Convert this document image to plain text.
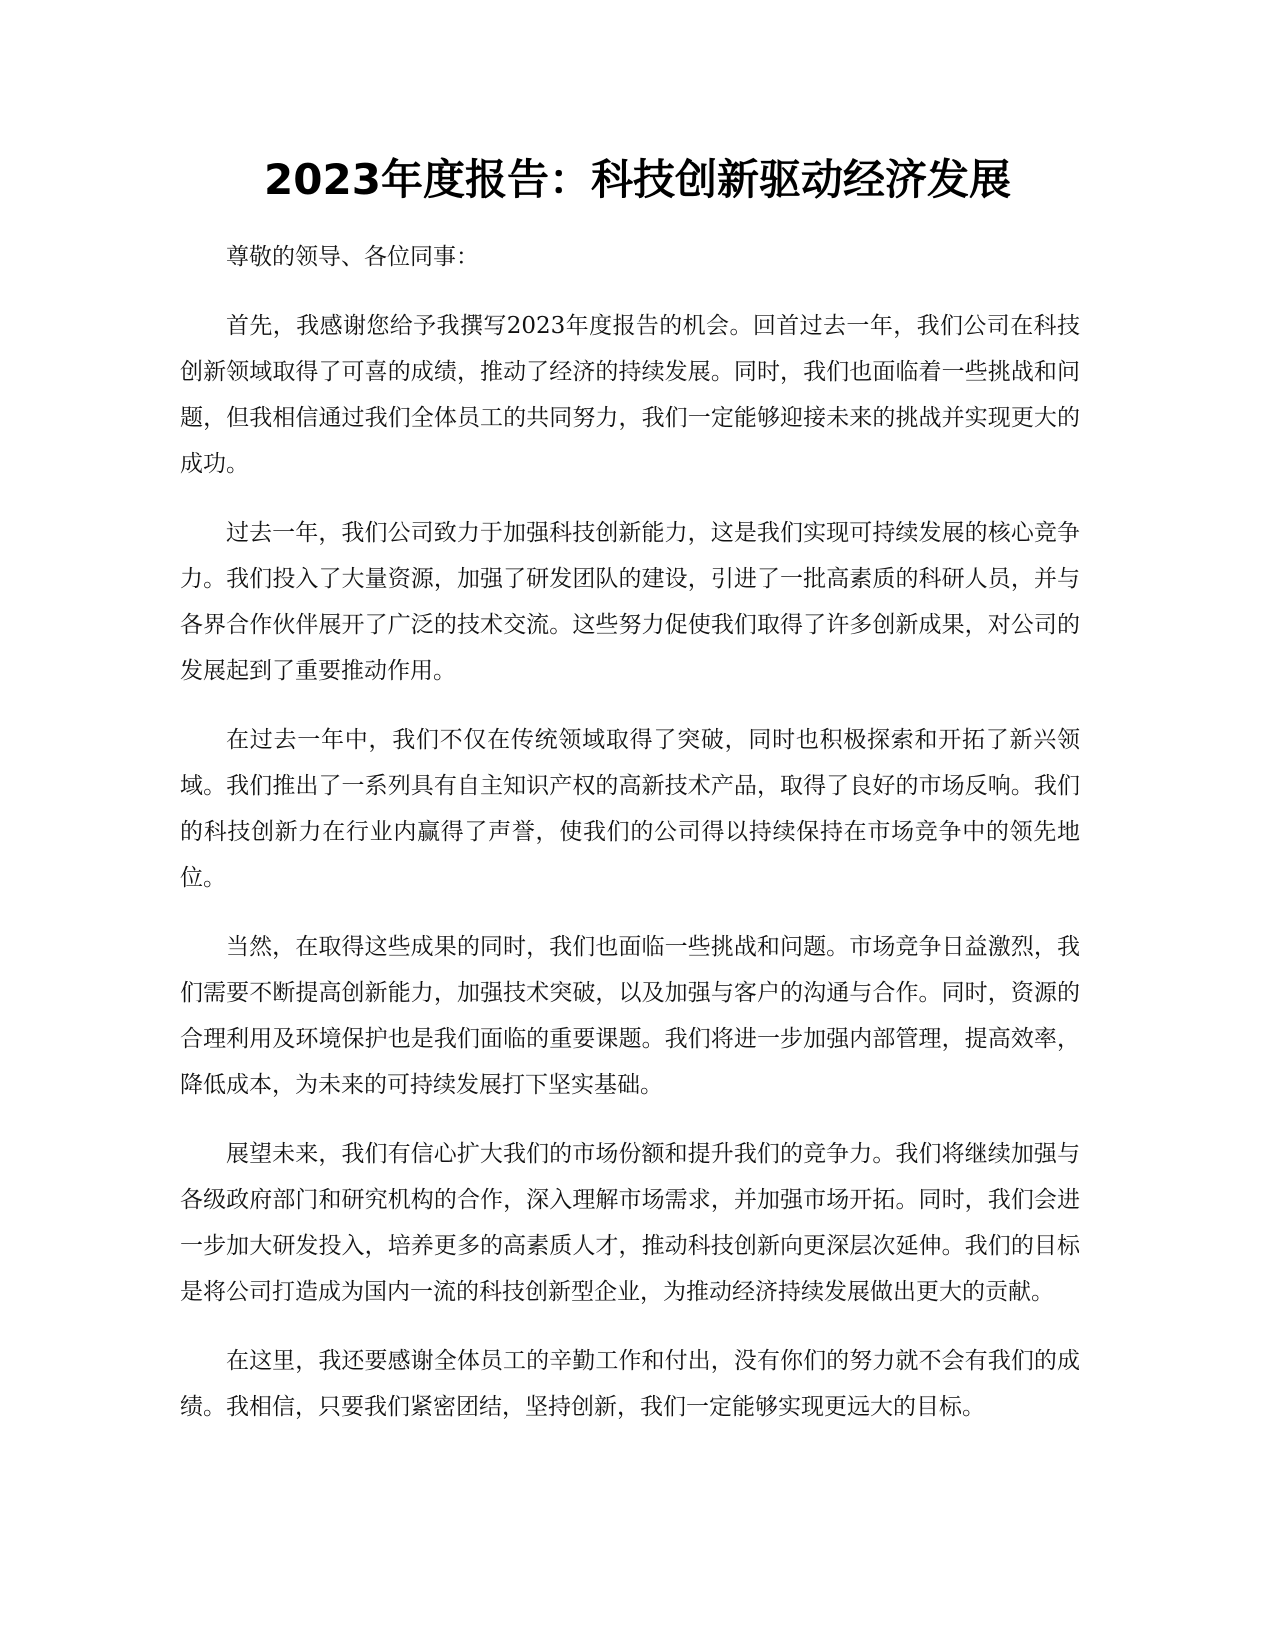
2023年度报告：科技创新驱动经济发展

尊敬的领导、各位同事：

首先，我感谢您给予我撰写2023年度报告的机会。回首过去一年，我们公司在科技创新领域取得了可喜的成绩，推动了经济的持续发展。同时，我们也面临着一些挑战和问题，但我相信通过我们全体员工的共同努力，我们一定能够迎接未来的挑战并实现更大的成功。

过去一年，我们公司致力于加强科技创新能力，这是我们实现可持续发展的核心竞争力。我们投入了大量资源，加强了研发团队的建设，引进了一批高素质的科研人员，并与各界合作伙伴展开了广泛的技术交流。这些努力促使我们取得了许多创新成果，对公司的发展起到了重要推动作用。

在过去一年中，我们不仅在传统领域取得了突破，同时也积极探索和开拓了新兴领域。我们推出了一系列具有自主知识产权的高新技术产品，取得了良好的市场反响。我们的科技创新力在行业内赢得了声誉，使我们的公司得以持续保持在市场竞争中的领先地位。

当然，在取得这些成果的同时，我们也面临一些挑战和问题。市场竞争日益激烈，我们需要不断提高创新能力，加强技术突破，以及加强与客户的沟通与合作。同时，资源的合理利用及环境保护也是我们面临的重要课题。我们将进一步加强内部管理，提高效率，降低成本，为未来的可持续发展打下坚实基础。

展望未来，我们有信心扩大我们的市场份额和提升我们的竞争力。我们将继续加强与各级政府部门和研究机构的合作，深入理解市场需求，并加强市场开拓。同时，我们会进一步加大研发投入，培养更多的高素质人才，推动科技创新向更深层次延伸。我们的目标是将公司打造成为国内一流的科技创新型企业，为推动经济持续发展做出更大的贡献。

在这里，我还要感谢全体员工的辛勤工作和付出，没有你们的努力就不会有我们的成绩。我相信，只要我们紧密团结，坚持创新，我们一定能够实现更远大的目标。
